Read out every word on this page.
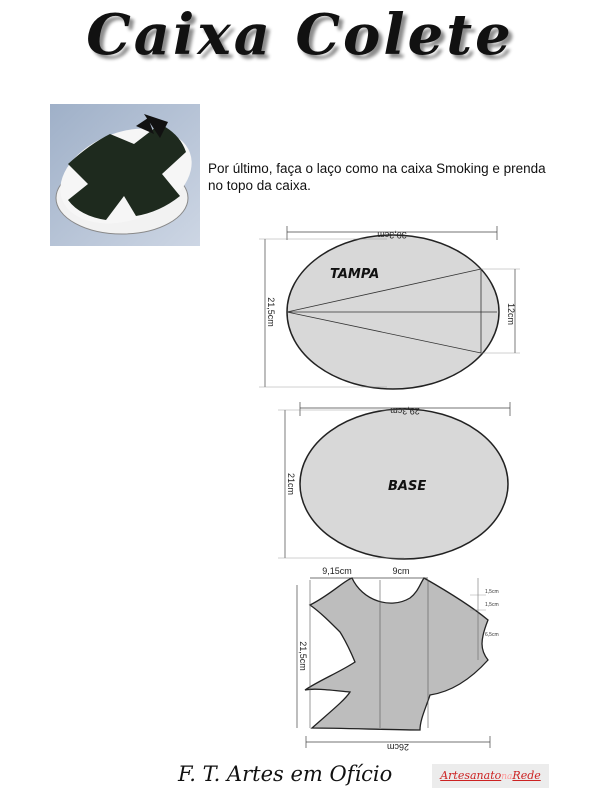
Caixa Colete
Por último, faça o laço como na caixa Smoking e prenda no topo da caixa.
TAMPA
30,3cm
21,5cm	12cm
BASE
29,3cm
21cm
9,15cm	9cm
26cm
21,5cm
1,5cm
1,5cm
6,5cm
F. T. Artes em Ofício	ArtesanatonaRede
